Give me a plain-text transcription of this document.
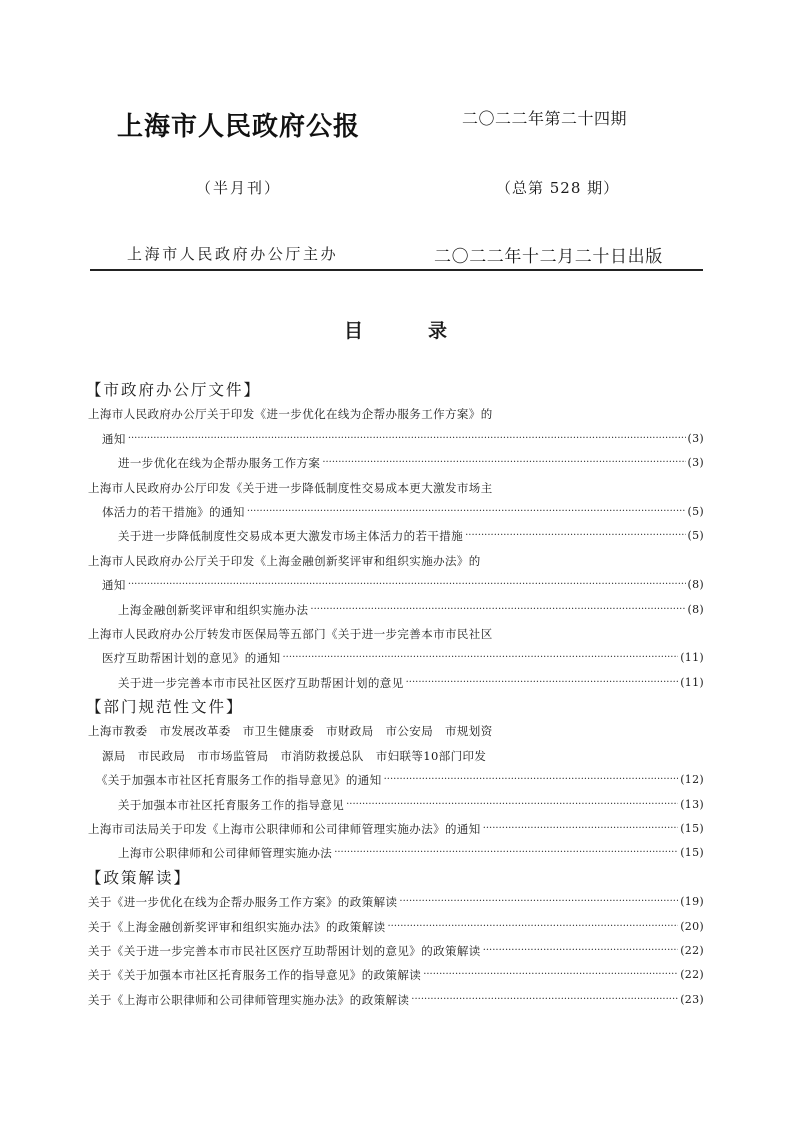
上海市人民政府公报	二〇二二年第二十四期
（半月刊）	（总第 528 期）
上海市人民政府办公厅主办	二〇二二年十二月二十日出版
目	录
【市政府办公厅文件】
上海市人民政府办公厅关于印发《进一步优化在线为企帮办服务工作方案》的
通知 ·····	(3)
进一步优化在线为企帮办服务工作方案 ·····	(3)
上海市人民政府办公厅印发《关于进一步降低制度性交易成本更大激发市场主
体活力的若干措施》的通知 ·····	(5)
关于进一步降低制度性交易成本更大激发市场主体活力的若干措施 ·····	(5)
上海市人民政府办公厅关于印发《上海金融创新奖评审和组织实施办法》的
通知 ·····	(8)
上海金融创新奖评审和组织实施办法 ·····	(8)
上海市人民政府办公厅转发市医保局等五部门《关于进一步完善本市市民社区
医疗互助帮困计划的意见》的通知 ·····	(11)
关于进一步完善本市市民社区医疗互助帮困计划的意见 ·····	(11)
【部门规范性文件】
上海市教委　市发展改革委　市卫生健康委　市财政局　市公安局　市规划资
源局　市民政局　市市场监管局　市消防救援总队　市妇联等10部门印发
《关于加强本市社区托育服务工作的指导意见》的通知 ·····	(12)
关于加强本市社区托育服务工作的指导意见 ·····	(13)
上海市司法局关于印发《上海市公职律师和公司律师管理实施办法》的通知 ·····	(15)
上海市公职律师和公司律师管理实施办法 ·····	(15)
【政策解读】
关于《进一步优化在线为企帮办服务工作方案》的政策解读 ·····	(19)
关于《上海金融创新奖评审和组织实施办法》的政策解读 ·····	(20)
关于《关于进一步完善本市市民社区医疗互助帮困计划的意见》的政策解读 ·····	(22)
关于《关于加强本市社区托育服务工作的指导意见》的政策解读 ·····	(22)
关于《上海市公职律师和公司律师管理实施办法》的政策解读 ·····	(23)
